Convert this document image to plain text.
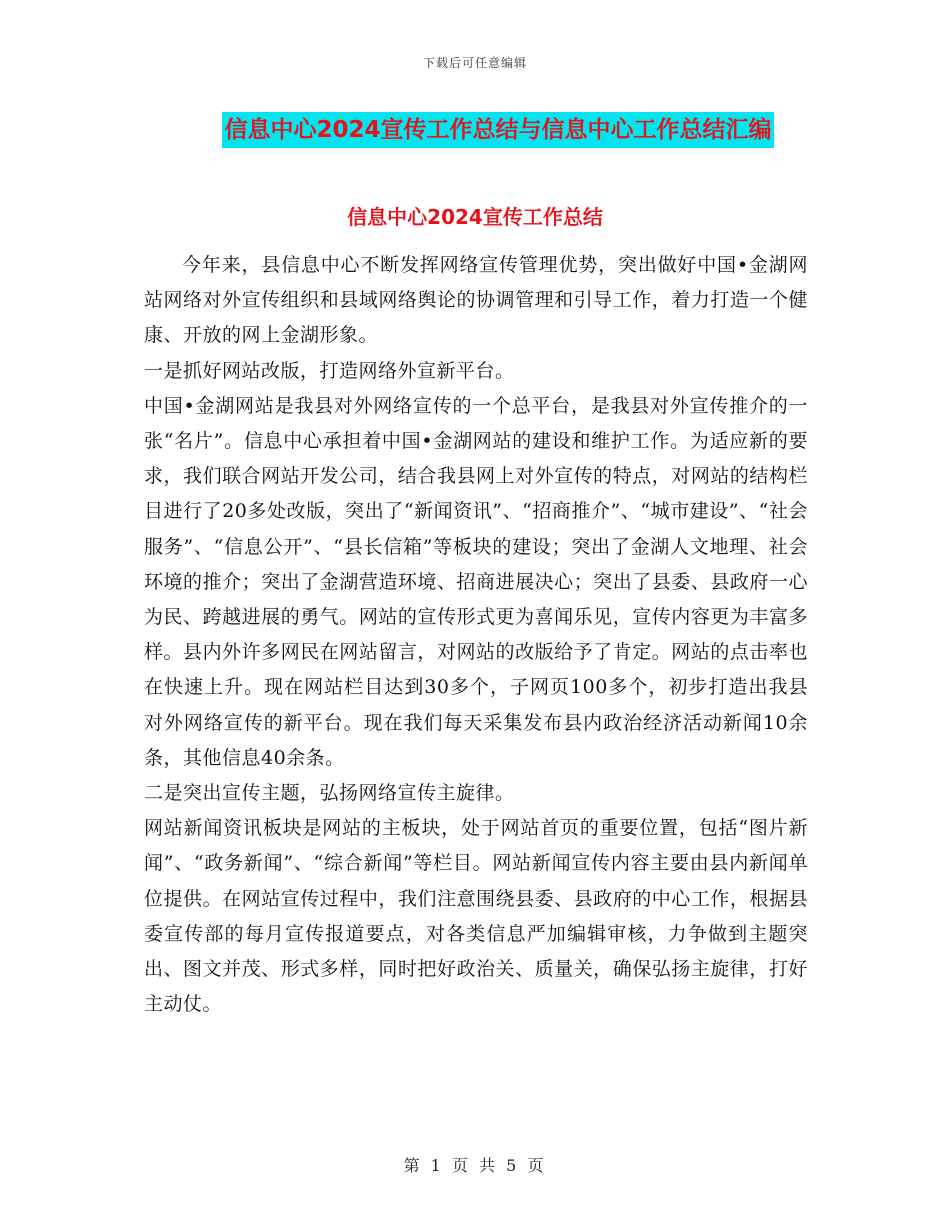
下载后可任意编辑
信息中心2024宣传工作总结与信息中心工作总结汇编
信息中心2024宣传工作总结

今年来，县信息中心不断发挥网络宣传管理优势，突出做好中国•金湖网站网络对外宣传组织和县域网络舆论的协调管理和引导工作，着力打造一个健康、开放的网上金湖形象。

一是抓好网站改版，打造网络外宣新平台。

中国•金湖网站是我县对外网络宣传的一个总平台，是我县对外宣传推介的一张“名片”。信息中心承担着中国•金湖网站的建设和维护工作。为适应新的要求，我们联合网站开发公司，结合我县网上对外宣传的特点，对网站的结构栏目进行了20多处改版，突出了“新闻资讯”、“招商推介”、“城市建设”、“社会服务”、“信息公开”、“县长信箱”等板块的建设；突出了金湖人文地理、社会环境的推介；突出了金湖营造环境、招商进展决心；突出了县委、县政府一心为民、跨越进展的勇气。网站的宣传形式更为喜闻乐见，宣传内容更为丰富多样。县内外许多网民在网站留言，对网站的改版给予了肯定。网站的点击率也在快速上升。现在网站栏目达到30多个，子网页100多个，初步打造出我县对外网络宣传的新平台。现在我们每天采集发布县内政治经济活动新闻10余条，其他信息40余条。

二是突出宣传主题，弘扬网络宣传主旋律。

网站新闻资讯板块是网站的主板块，处于网站首页的重要位置，包括“图片新闻”、“政务新闻”、“综合新闻”等栏目。网站新闻宣传内容主要由县内新闻单位提供。在网站宣传过程中，我们注意围绕县委、县政府的中心工作，根据县委宣传部的每月宣传报道要点，对各类信息严加编辑审核，力争做到主题突出、图文并茂、形式多样，同时把好政治关、质量关，确保弘扬主旋律，打好主动仗。

第 1 页 共 5 页
